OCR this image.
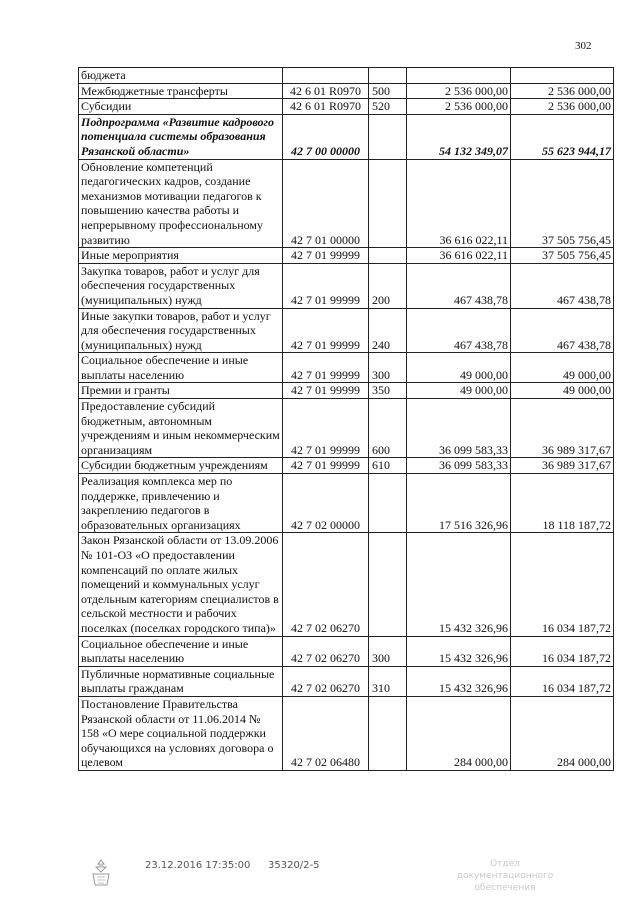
302
бюджета				
Межбюджетные трансферты	42 6 01 R0970	500	2 536 000,00	2 536 000,00
Субсидии	42 6 01 R0970	520	2 536 000,00	2 536 000,00
Подпрограмма «Развитие кадрового потенциала системы образования Рязанской области»	42 7 00 00000		54 132 349,07	55 623 944,17
Обновление компетенций педагогических кадров, создание механизмов мотивации педагогов к повышению качества работы и непрерывному профессиональному развитию	42 7 01 00000		36 616 022,11	37 505 756,45
Иные мероприятия	42 7 01 99999		36 616 022,11	37 505 756,45
Закупка товаров, работ и услуг для обеспечения государственных (муниципальных) нужд	42 7 01 99999	200	467 438,78	467 438,78
Иные закупки товаров, работ и услуг для обеспечения государственных (муниципальных) нужд	42 7 01 99999	240	467 438,78	467 438,78
Социальное обеспечение и иные выплаты населению	42 7 01 99999	300	49 000,00	49 000,00
Премии и гранты	42 7 01 99999	350	49 000,00	49 000,00
Предоставление субсидий бюджетным, автономным учреждениям и иным некоммерческим организациям	42 7 01 99999	600	36 099 583,33	36 989 317,67
Субсидии бюджетным учреждениям	42 7 01 99999	610	36 099 583,33	36 989 317,67
Реализация комплекса мер по поддержке, привлечению и закреплению педагогов в образовательных организациях	42 7 02 00000		17 516 326,96	18 118 187,72
Закон Рязанской области от 13.09.2006 № 101-ОЗ «О предоставлении компенсаций по оплате жилых помещений и коммунальных услуг отдельным категориям специалистов в сельской местности и рабочих поселках (поселках городского типа)»	42 7 02 06270		15 432 326,96	16 034 187,72
Социальное обеспечение и иные выплаты населению	42 7 02 06270	300	15 432 326,96	16 034 187,72
Публичные нормативные социальные выплаты гражданам	42 7 02 06270	310	15 432 326,96	16 034 187,72
Постановление Правительства Рязанской области от 11.06.2014 № 158 «О мере социальной поддержки обучающихся на условиях договора о целевом	42 7 02 06480		284 000,00	284 000,00
23.12.2016 17:35:00 35320/2-5	Отдел документационного обеспечения
